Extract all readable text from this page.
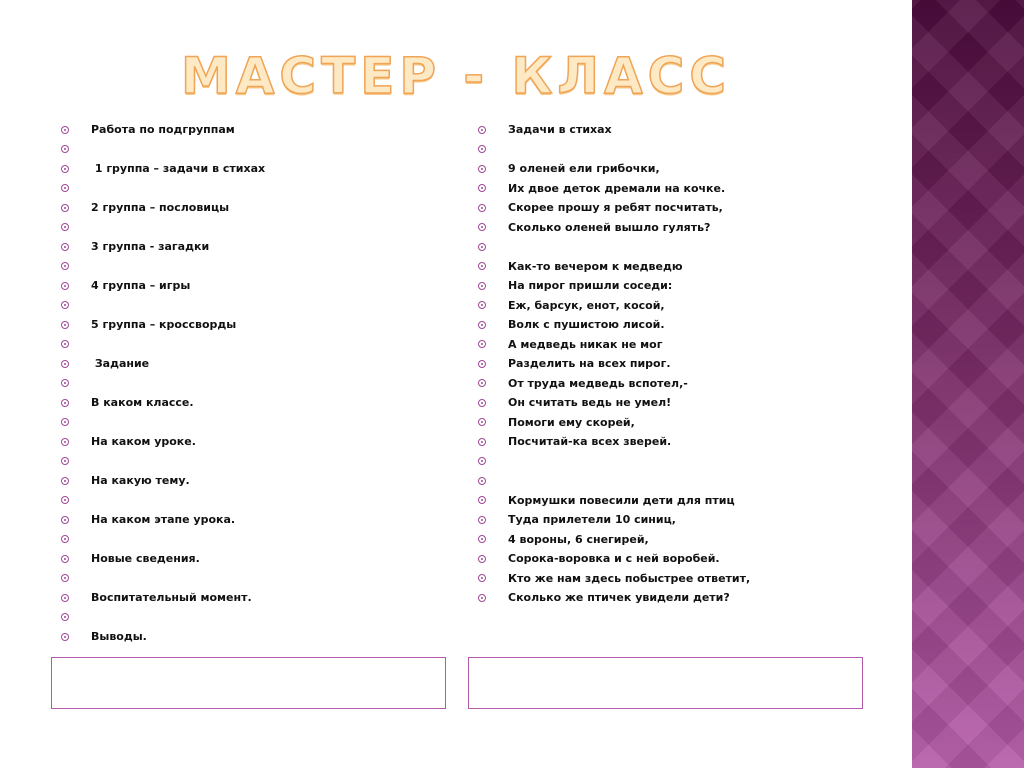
МАСТЕР - КЛАСС
Работа по подгруппам
1 группа – задачи в стихах
2 группа – пословицы
3 группа - загадки
4 группа – игры
5 группа – кроссворды
Задание
В каком классе.
На каком уроке.
На какую тему.
На каком этапе урока.
Новые сведения.
Воспитательный момент.
Выводы.
Задачи в стихах
9 оленей ели грибочки,
Их двое деток дремали на кочке.
Скорее прошу я ребят посчитать,
Сколько оленей вышло гулять?
Как-то вечером к медведю
На пирог пришли соседи:
Еж, барсук, енот, косой,
Волк с пушистою лисой.
А медведь никак не мог
Разделить на всех пирог.
От труда медведь вспотел,-
Он считать ведь не умел!
Помоги ему скорей,
Посчитай-ка всех зверей.
Кормушки повесили дети для птиц
Туда прилетели 10 синиц,
4 вороны, 6 снегирей,
Сорока-воровка и с ней воробей.
Кто же нам здесь побыстрее ответит,
Сколько же птичек увидели дети?
